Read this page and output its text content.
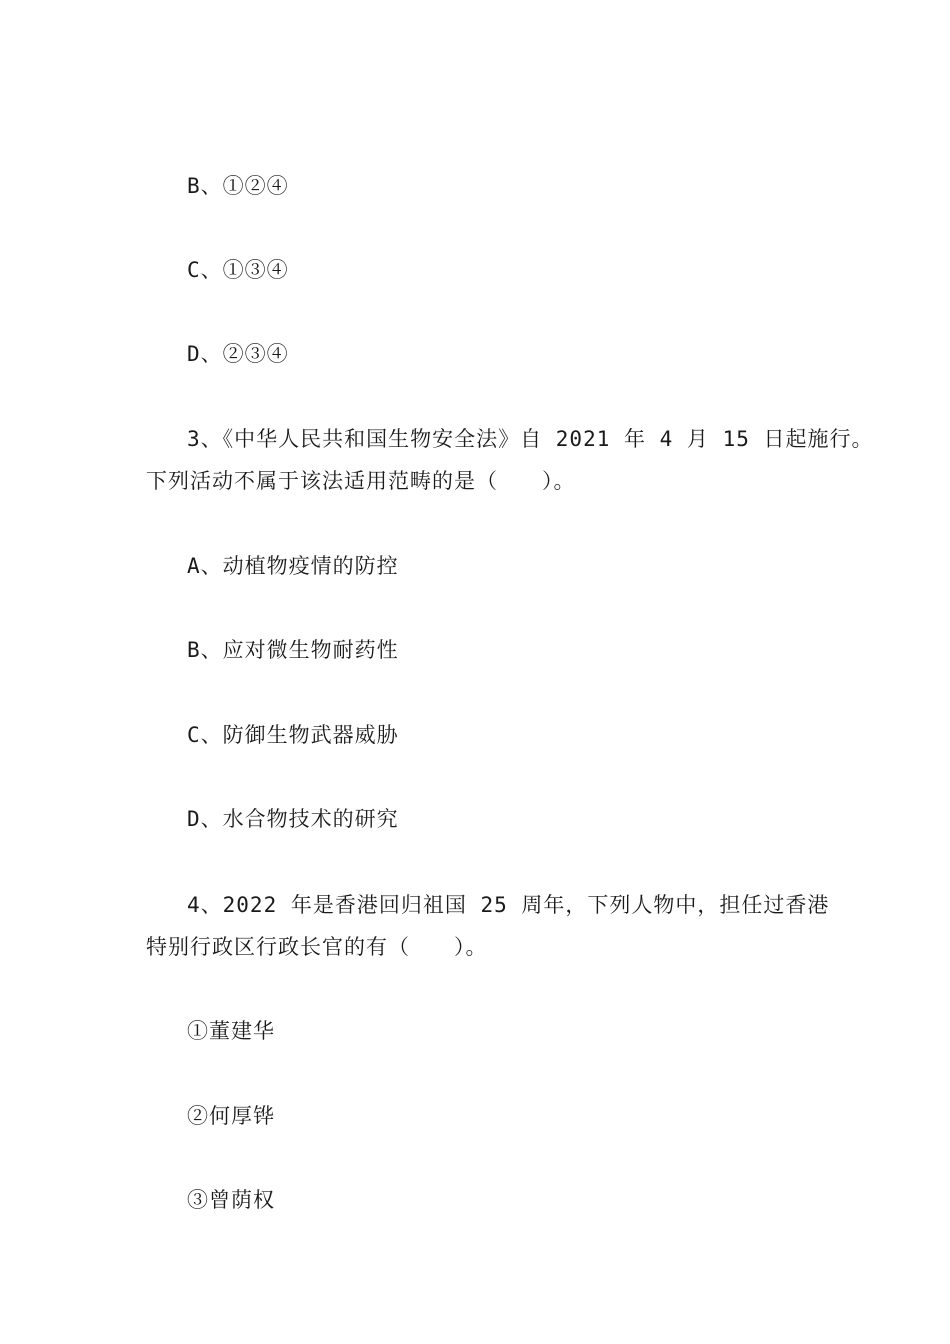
B、①②④
C、①③④
D、②③④
3、《中华人民共和国生物安全法》自 2021 年 4 月 15 日起施行。
下列活动不属于该法适用范畴的是（　　）。
A、动植物疫情的防控
B、应对微生物耐药性
C、防御生物武器威胁
D、水合物技术的研究
4、2022 年是香港回归祖国 25 周年，下列人物中，担任过香港
特别行政区行政长官的有（　　）。
①董建华
②何厚铧
③曾荫权
